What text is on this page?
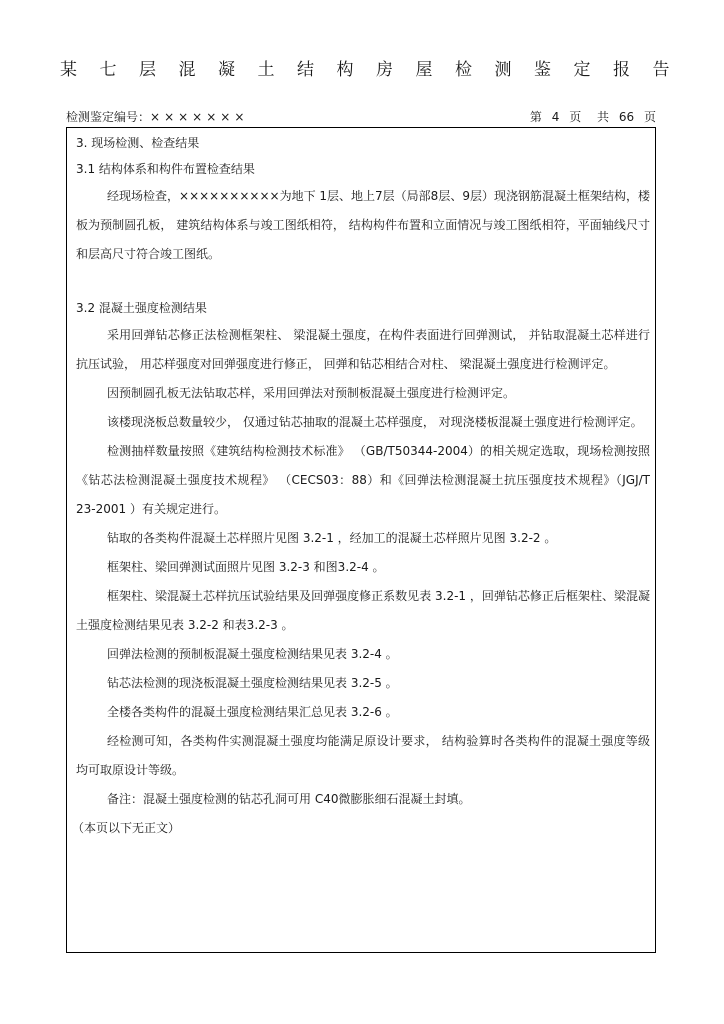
某七层混凝土结构房屋检测鉴定报告
检测鉴定编号：×××××××	第 4 页 共 66 页

3. 现场检测、检查结果

3.1 结构体系和构件布置检查结果

经现场检查，××××××××××为地下 1层、地上7层（局部8层、9层）现浇钢筋混凝土框架结构，楼板为预制圆孔板， 建筑结构体系与竣工图纸相符， 结构构件布置和立面情况与竣工图纸相符，平面轴线尺寸和层高尺寸符合竣工图纸。

3.2 混凝土强度检测结果

采用回弹钻芯修正法检测框架柱、 梁混凝土强度，在构件表面进行回弹测试， 并钻取混凝土芯样进行抗压试验， 用芯样强度对回弹强度进行修正， 回弹和钻芯相结合对柱、 梁混凝土强度进行检测评定。

因预制圆孔板无法钻取芯样，采用回弹法对预制板混凝土强度进行检测评定。

该楼现浇板总数量较少， 仅通过钻芯抽取的混凝土芯样强度， 对现浇楼板混凝土强度进行检测评定。

检测抽样数量按照《建筑结构检测技术标准》 （GB/T50344-2004）的相关规定选取，现场检测按照《钻芯法检测混凝土强度技术规程》 （CECS03：88）和《回弹法检测混凝土抗压强度技术规程》（JGJ/T 23-2001 ）有关规定进行。

钻取的各类构件混凝土芯样照片见图 3.2-1 ，经加工的混凝土芯样照片见图 3.2-2 。

框架柱、梁回弹测试面照片见图 3.2-3 和图3.2-4 。

框架柱、梁混凝土芯样抗压试验结果及回弹强度修正系数见表 3.2-1 ，回弹钻芯修正后框架柱、梁混凝土强度检测结果见表 3.2-2 和表3.2-3 。

回弹法检测的预制板混凝土强度检测结果见表 3.2-4 。

钻芯法检测的现浇板混凝土强度检测结果见表 3.2-5 。

全楼各类构件的混凝土强度检测结果汇总见表 3.2-6 。

经检测可知，各类构件实测混凝土强度均能满足原设计要求， 结构验算时各类构件的混凝土强度等级均可取原设计等级。

备注：混凝土强度检测的钻芯孔洞可用 C40微膨胀细石混凝土封填。

（本页以下无正文）
